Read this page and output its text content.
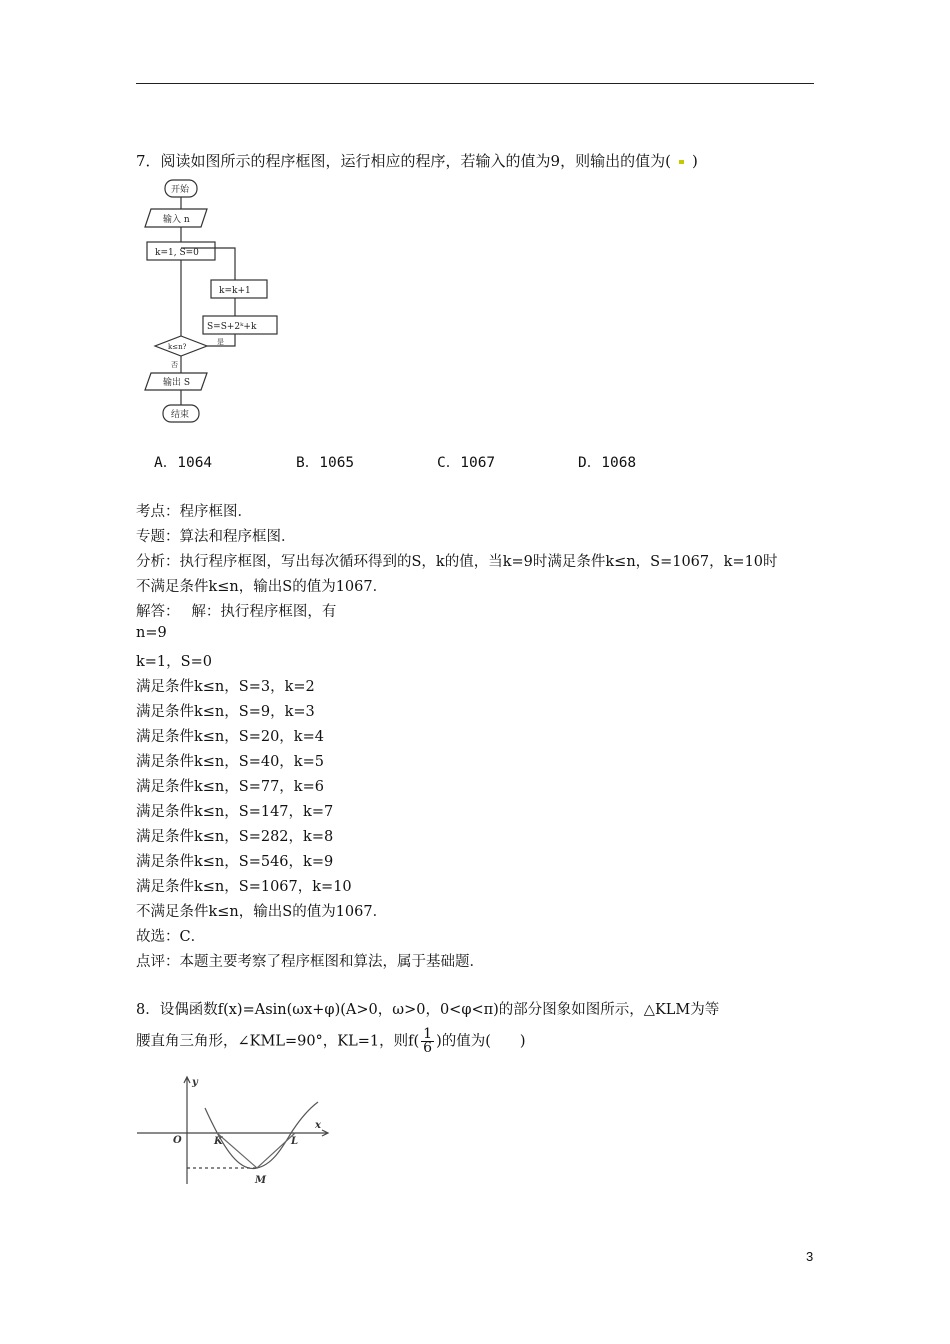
7．阅读如图所示的程序框图，运行相应的程序，若输入的值为9，则输出的值为( )
开始
输入 n
k=1, S=0
k=k+1
S=S+2ᵏ+k
k≤n?
是
否
输出 S
结束
A．1064	B．1065	C．1067	D．1068
考点：程序框图．
专题：算法和程序框图．
分析：执行程序框图，写出每次循环得到的S，k的值，当k=9时满足条件k≤n，S=1067，k=10时
不满足条件k≤n，输出S的值为1067．
解答：　 解：执行程序框图，有
n=9
k=1，S=0
满足条件k≤n，S=3，k=2
满足条件k≤n，S=9，k=3
满足条件k≤n，S=20，k=4
满足条件k≤n，S=40，k=5
满足条件k≤n，S=77，k=6
满足条件k≤n，S=147，k=7
满足条件k≤n，S=282，k=8
满足条件k≤n，S=546，k=9
满足条件k≤n，S=1067，k=10
不满足条件k≤n，输出S的值为1067．
故选：C．
点评：本题主要考察了程序框图和算法，属于基础题．
8．设偶函数f(x)=Asin(ωx+φ)(A>0，ω>0，0<φ<π)的部分图象如图所示，△KLM为等
腰直角三角形，∠KML=90°，KL=1，则$f( \frac{1}{6}$ )的值为(　　)
y
x
O	K	L
M
3
